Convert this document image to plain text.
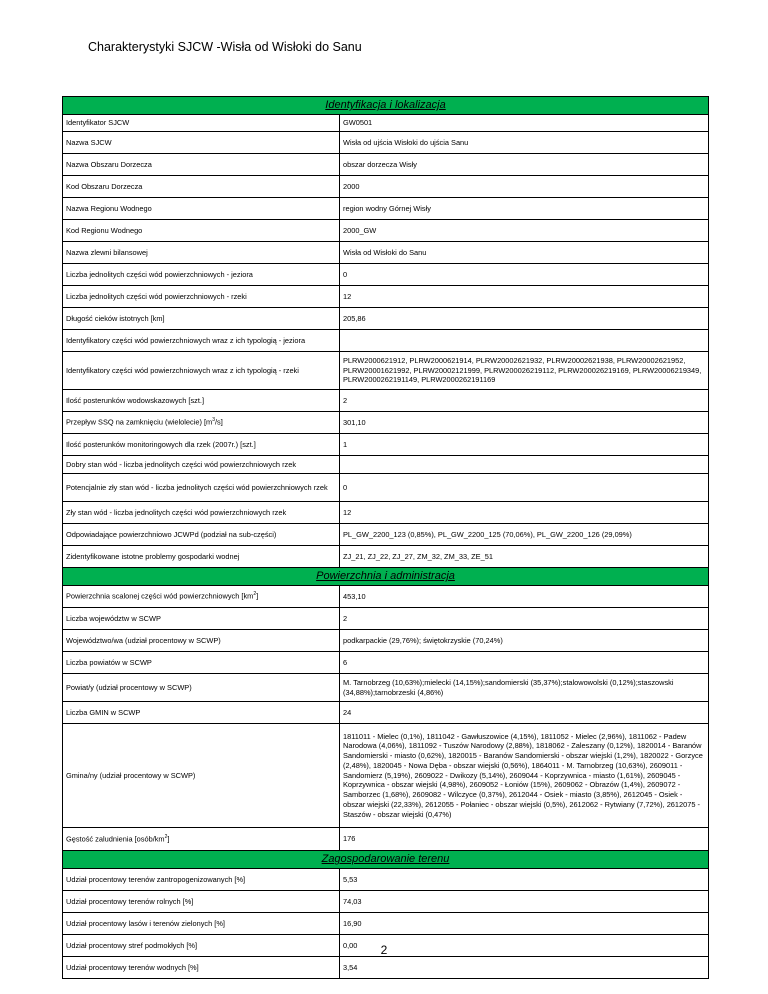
Charakterystyki SJCW -Wisła od Wisłoki do Sanu
Identyfikacja i lokalizacja	
Identyfikator SJCW	GW0501
Nazwa SJCW	Wisła od ujścia Wisłoki do ujścia Sanu
Nazwa Obszaru Dorzecza	obszar dorzecza Wisły
Kod Obszaru Dorzecza	2000
Nazwa Regionu Wodnego	region wodny Górnej Wisły
Kod Regionu Wodnego	2000_GW
Nazwa zlewni bilansowej	Wisła od Wisłoki do Sanu
Liczba jednolitych części wód powierzchniowych - jeziora	0
Liczba jednolitych części wód powierzchniowych - rzeki	12
Długość cieków istotnych [km]	205,86
Identyfikatory części wód powierzchniowych wraz z ich typologią - jeziora	
Identyfikatory części wód powierzchniowych wraz z ich typologią - rzeki	PLRW2000621912, PLRW2000621914, PLRW20002621932, PLRW20002621938, PLRW20002621952, PLRW20001621992, PLRW20002121999, PLRW200026219112, PLRW200026219169, PLRW20006219349, PLRW2000262191149, PLRW2000262191169
Ilość posterunków wodowskazowych [szt.]	2
Przepływ SSQ na zamknięciu (wielolecie) $[m^3/s]$	301,10
Ilość posterunków monitoringowych dla rzek (2007r.) [szt.]	1
Dobry stan wód - liczba jednolitych części wód powierzchniowych rzek	
Potencjalnie zły stan wód - liczba jednolitych części wód powierzchniowych rzek	0
Zły stan wód - liczba jednolitych części wód powierzchniowych rzek	12
Odpowiadające powierzchniowo JCWPd (podział na sub-części)	PL_GW_2200_123 (0,85%), PL_GW_2200_125 (70,06%), PL_GW_2200_126 (29,09%)
Zidentyfikowane istotne problemy gospodarki wodnej	ZJ_21, ZJ_22, ZJ_27, ZM_32, ZM_33, ZE_51
Powierzchnia i administracja	
Powierzchnia scalonej części wód powierzchniowych $[km^2]$	453,10
Liczba województw w SCWP	2
Województwo/wa (udział procentowy w SCWP)	podkarpackie (29,76%); świętokrzyskie (70,24%)
Liczba powiatów w SCWP	6
Powiat/y (udział procentowy w SCWP)	M. Tarnobrzeg (10,63%);mielecki (14,15%);sandomierski (35,37%);stalowowolski (0,12%);staszowski (34,88%);tarnobrzeski (4,86%)
Liczba GMIN w SCWP	24
Gmina/ny (udział procentowy w SCWP)	1811011 - Mielec (0,1%), 1811042 - Gawłuszowice (4,15%), 1811052 - Mielec (2,96%), 1811062 - Padew Narodowa (4,06%), 1811092 - Tuszów Narodowy (2,88%), 1818062 - Zaleszany (0,12%), 1820014 - Baranów Sandomierski - miasto (0,62%), 1820015 - Baranów Sandomierski - obszar wiejski (1,2%), 1820022 - Gorzyce (2,48%), 1820045 - Nowa Dęba - obszar wiejski (0,56%), 1864011 - M. Tarnobrzeg (10,63%), 2609011 - Sandomierz (5,19%), 2609022 - Dwikozy (5,14%), 2609044 - Koprzywnica - miasto (1,61%), 2609045 - Koprzywnica - obszar wiejski (4,98%), 2609052 - Łoniów (15%), 2609062 - Obrazów (1,4%), 2609072 - Samborzec (1,68%), 2609082 - Wilczyce (0,37%), 2612044 - Osiek - miasto (3,85%), 2612045 - Osiek - obszar wiejski (22,33%), 2612055 - Połaniec - obszar wiejski (0,5%), 2612062 - Rytwiany (7,72%), 2612075 - Staszów - obszar wiejski (0,47%)
Gęstość zaludnienia $[osób/km^2]$	176
Zagospodarowanie terenu	
Udział procentowy terenów zantropogenizowanych [%]	5,53
Udział procentowy terenów rolnych [%]	74,03
Udział procentowy lasów i terenów zielonych [%]	16,90
Udział procentowy stref podmokłych [%]	0,00
Udział procentowy terenów wodnych [%]	3,54
2
